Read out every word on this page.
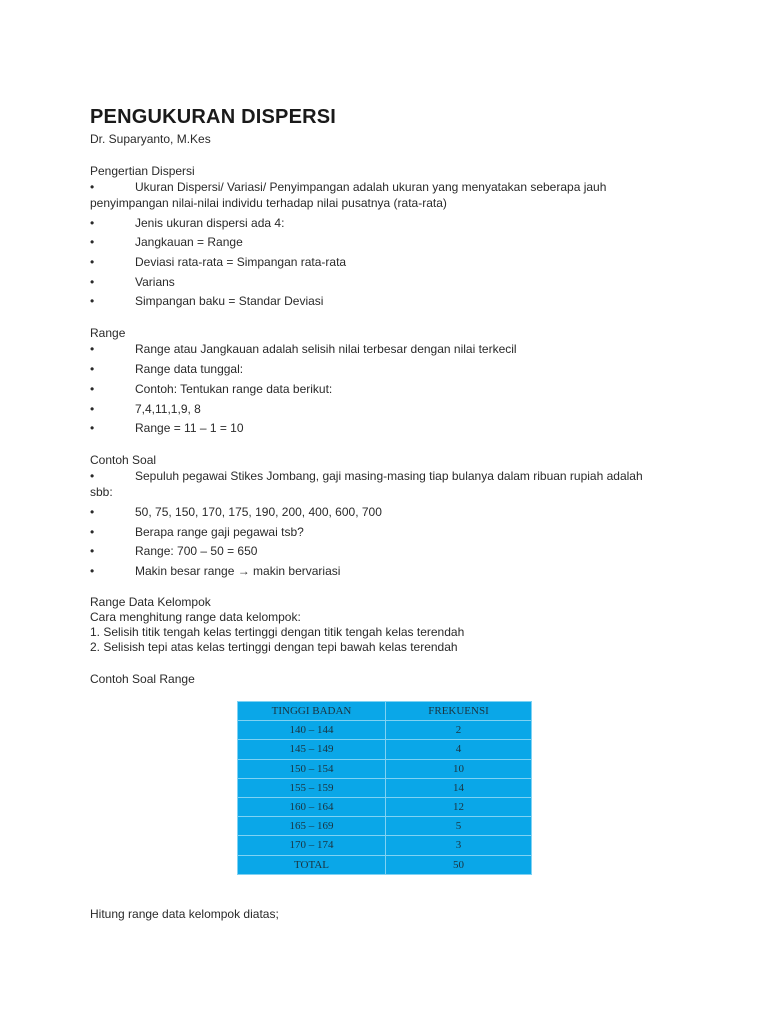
PENGUKURAN DISPERSI
Dr. Suparyanto, M.Kes
Pengertian Dispersi
•	Ukuran Dispersi/ Variasi/ Penyimpangan adalah ukuran yang menyatakan seberapa jauh
penyimpangan nilai-nilai individu terhadap nilai pusatnya (rata-rata)
•	Jenis ukuran dispersi ada 4:
•	Jangkauan = Range
•	Deviasi rata-rata = Simpangan rata-rata
•	Varians
•	Simpangan baku = Standar Deviasi
Range
•	Range atau Jangkauan adalah selisih nilai terbesar dengan nilai terkecil
•	Range data tunggal:
•	Contoh: Tentukan range data berikut:
•	7,4,11,1,9, 8
•	Range = 11 – 1 = 10
Contoh Soal
•	Sepuluh pegawai Stikes Jombang, gaji masing-masing tiap bulanya dalam ribuan rupiah adalah
sbb:
•	50, 75, 150, 170, 175, 190, 200, 400, 600, 700
•	Berapa range gaji pegawai tsb?
•	Range: 700 – 50 = 650
•	Makin besar range → makin bervariasi
Range Data Kelompok
Cara menghitung range data kelompok:
1. Selisih titik tengah kelas tertinggi dengan titik tengah kelas terendah
2. Selisish tepi atas kelas tertinggi dengan tepi bawah kelas terendah
Contoh Soal Range
TINGGI BADAN	FREKUENSI
140 – 144	2
145 – 149	4
150 – 154	10
155 – 159	14
160 – 164	12
165 – 169	5
170 – 174	3
TOTAL	50
Hitung range data kelompok diatas;
